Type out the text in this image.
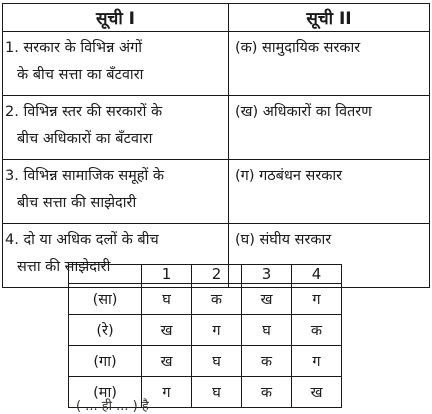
सूची I	सूची II

1. सरकार के विभिन्न अंगों
के बीच सत्ता का बँटवारा	(क) सामुदायिक सरकार

2. विभिन्न स्तर की सरकारों के
बीच अधिकारों का बँटवारा	(ख) अधिकारों का वितरण

3. विभिन्न सामाजिक समूहों के
बीच सत्ता की साझेदारी	(ग) गठबंधन सरकार

4. दो या अधिक दलों के बीच
सत्ता की साझेदारी	(घ) संघीय सरकार
	1	2	3	4
(सा)	घ	क	ख	ग
(रे)	ख	ग	घ	क
(गा)	ख	घ	क	ग
(मा)	ग	घ	क	ख
( ... ही ... ) है
